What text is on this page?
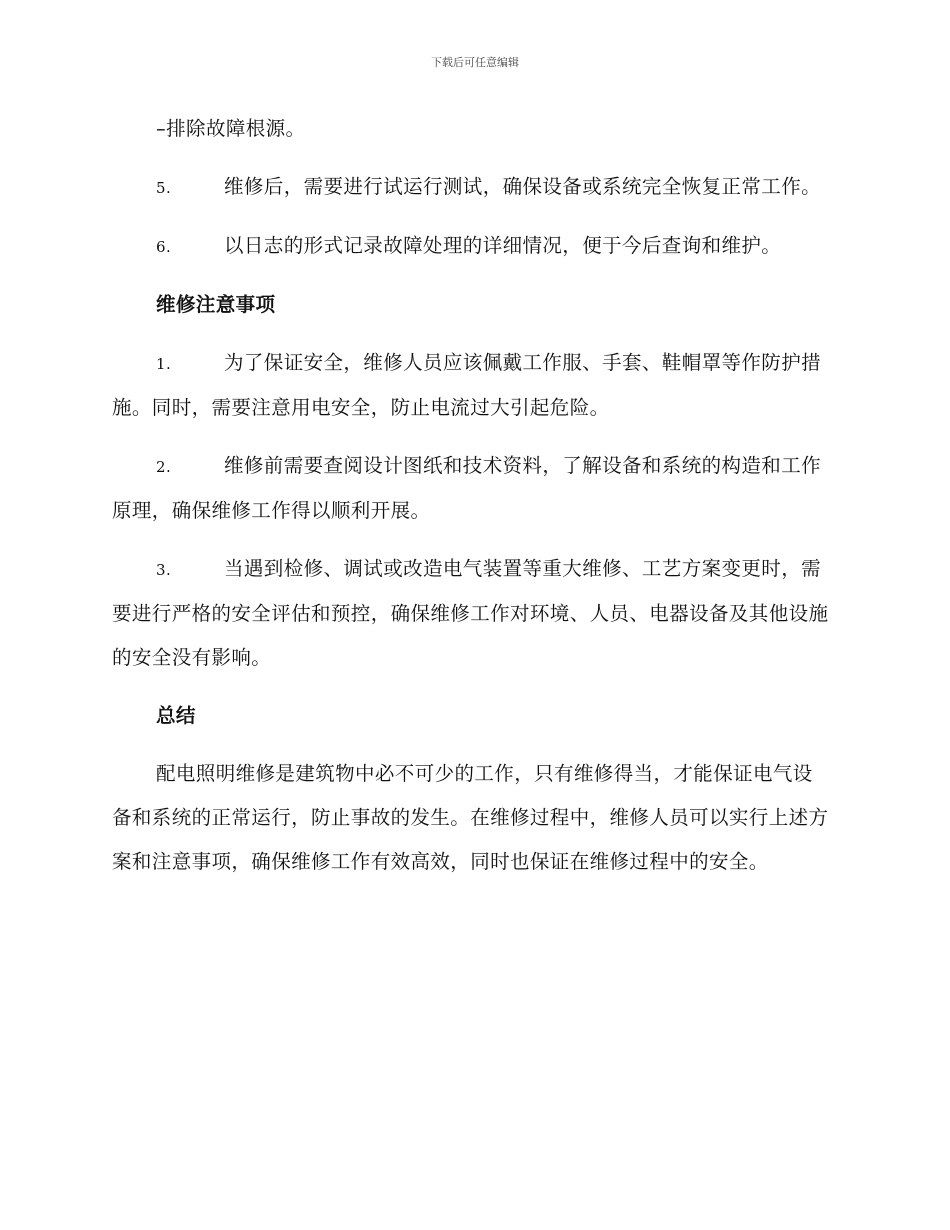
下载后可任意编辑

–排除故障根源。

5.	维修后，需要进行试运行测试，确保设备或系统完全恢复正常工作。

6.	以日志的形式记录故障处理的详细情况，便于今后查询和维护。

维修注意事项

1.	为了保证安全，维修人员应该佩戴工作服、手套、鞋帽罩等作防护措施。同时，需要注意用电安全，防止电流过大引起危险。

2.	维修前需要查阅设计图纸和技术资料，了解设备和系统的构造和工作原理，确保维修工作得以顺利开展。

3.	当遇到检修、调试或改造电气装置等重大维修、工艺方案变更时，需要进行严格的安全评估和预控，确保维修工作对环境、人员、电器设备及其他设施的安全没有影响。

总结

配电照明维修是建筑物中必不可少的工作，只有维修得当，才能保证电气设备和系统的正常运行，防止事故的发生。在维修过程中，维修人员可以实行上述方案和注意事项，确保维修工作有效高效，同时也保证在维修过程中的安全。
